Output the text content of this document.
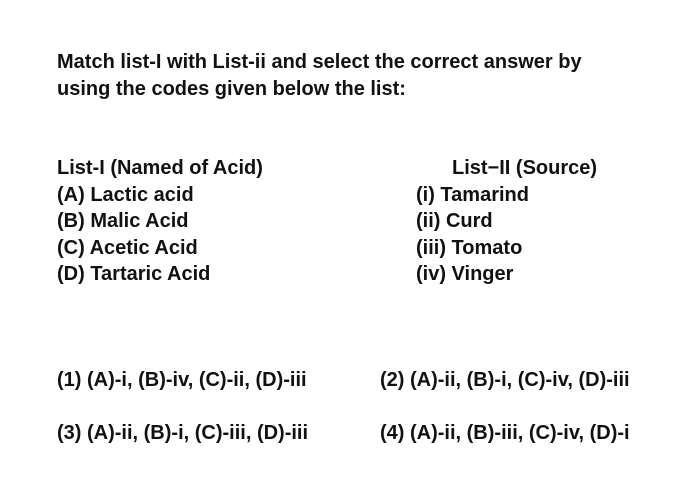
Match list-I with List-ii and select the correct answer by
using the codes given below the list:

List-I (Named of Acid)
(A) Lactic acid
(B) Malic Acid
(C) Acetic Acid
(D) Tartaric Acid
List−II (Source)
(i) Tamarind
(ii) Curd
(iii) Tomato
(iv) Vinger
(1) (A)-i, (B)-iv, (C)-ii, (D)-iii	(2) (A)-ii, (B)-i, (C)-iv, (D)-iii
(3) (A)-ii, (B)-i, (C)-iii, (D)-iii	(4) (A)-ii, (B)-iii, (C)-iv, (D)-i
